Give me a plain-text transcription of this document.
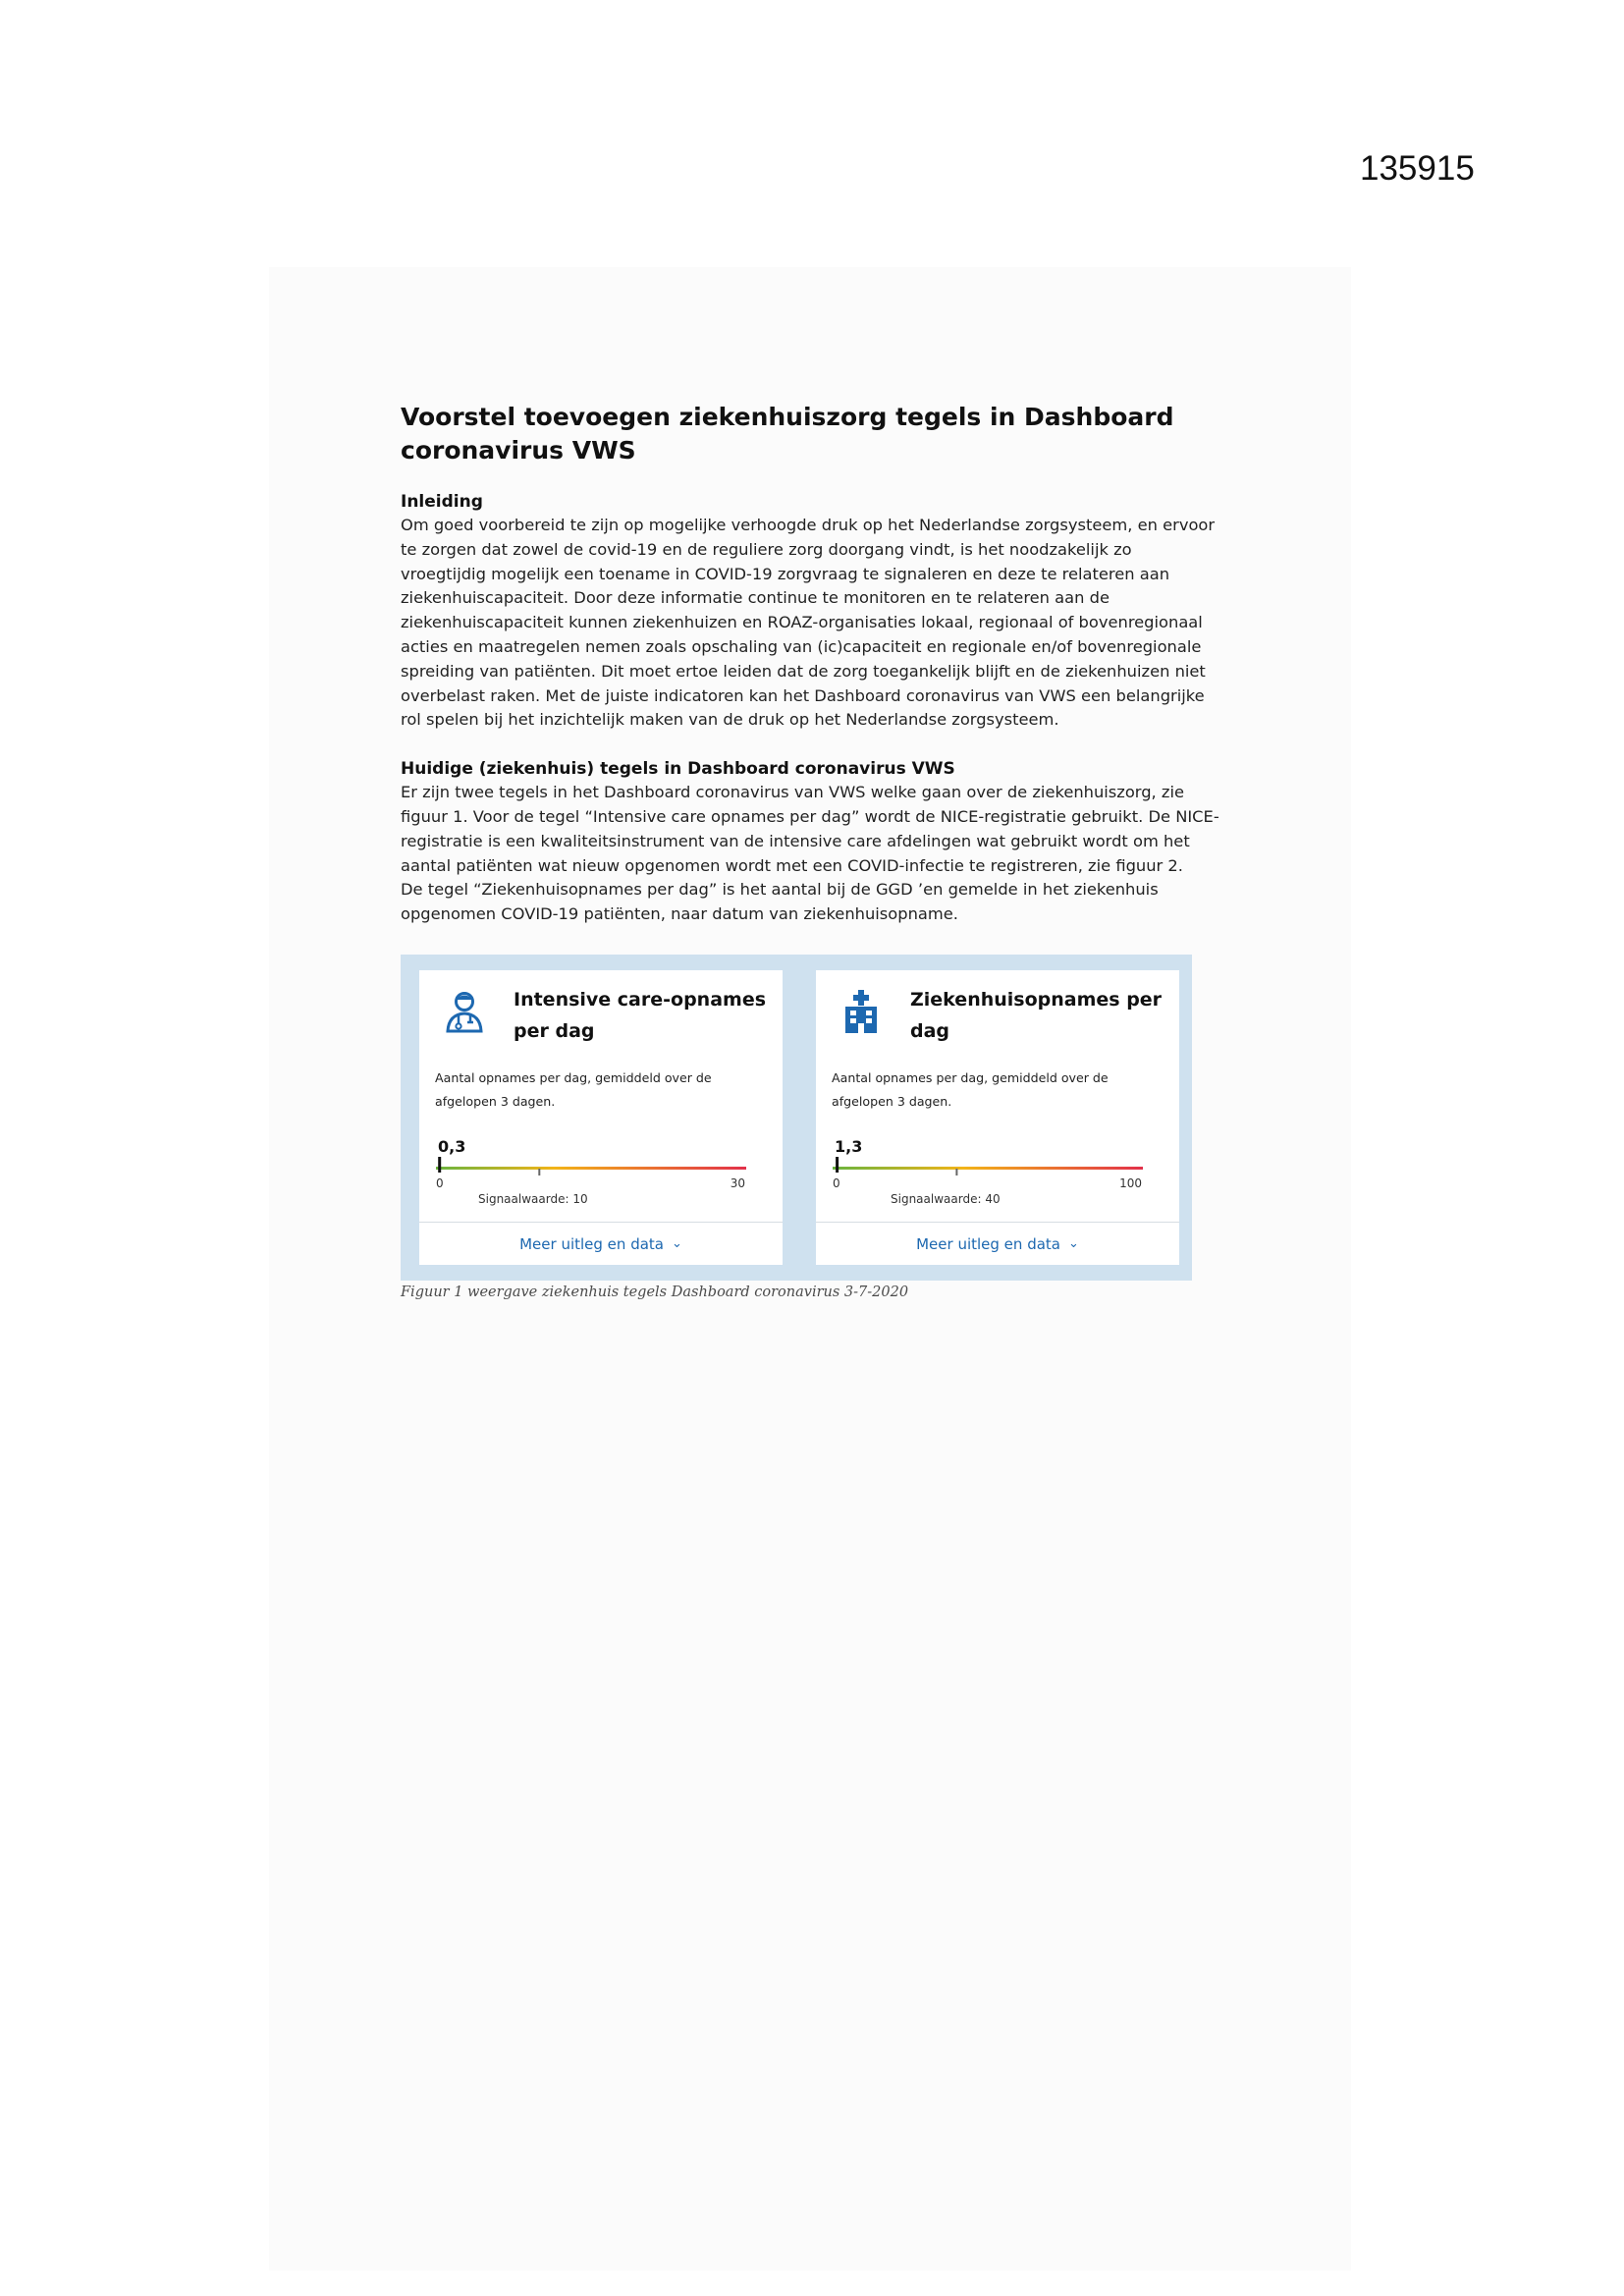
135915
Voorstel toevoegen ziekenhuiszorg tegels in Dashboard coronavirus VWS

Inleiding

Om goed voorbereid te zijn op mogelijke verhoogde druk op het Nederlandse zorgsysteem, en ervoor

te zorgen dat zowel de covid-19 en de reguliere zorg doorgang vindt, is het noodzakelijk zo

vroegtijdig mogelijk een toename in COVID-19 zorgvraag te signaleren en deze te relateren aan

ziekenhuiscapaciteit. Door deze informatie continue te monitoren en te relateren aan de

ziekenhuiscapaciteit kunnen ziekenhuizen en ROAZ-organisaties lokaal, regionaal of bovenregionaal

acties en maatregelen nemen zoals opschaling van (ic)capaciteit en regionale en/of bovenregionale

spreiding van patiënten. Dit moet ertoe leiden dat de zorg toegankelijk blijft en de ziekenhuizen niet

overbelast raken. Met de juiste indicatoren kan het Dashboard coronavirus van VWS een belangrijke

rol spelen bij het inzichtelijk maken van de druk op het Nederlandse zorgsysteem.

Huidige (ziekenhuis) tegels in Dashboard coronavirus VWS

Er zijn twee tegels in het Dashboard coronavirus van VWS welke gaan over de ziekenhuiszorg, zie

figuur 1. Voor de tegel “Intensive care opnames per dag” wordt de NICE-registratie gebruikt. De NICE-

registratie is een kwaliteitsinstrument van de intensive care afdelingen wat gebruikt wordt om het

aantal patiënten wat nieuw opgenomen wordt met een COVID-infectie te registreren, zie figuur 2.

De tegel “Ziekenhuisopnames per dag” is het aantal bij de GGD ’en gemelde in het ziekenhuis

opgenomen COVID-19 patiënten, naar datum van ziekenhuisopname.

Intensive care-opnames
per dag
Aantal opnames per dag, gemiddeld over de
afgelopen 3 dagen.
0,3
0	30
Signaalwaarde: 10
Meer uitleg en data ⌄
Ziekenhuisopnames per
dag
Aantal opnames per dag, gemiddeld over de
afgelopen 3 dagen.
1,3
0	100
Signaalwaarde: 40
Meer uitleg en data ⌄
Figuur 1 weergave ziekenhuis tegels Dashboard coronavirus 3-7-2020
